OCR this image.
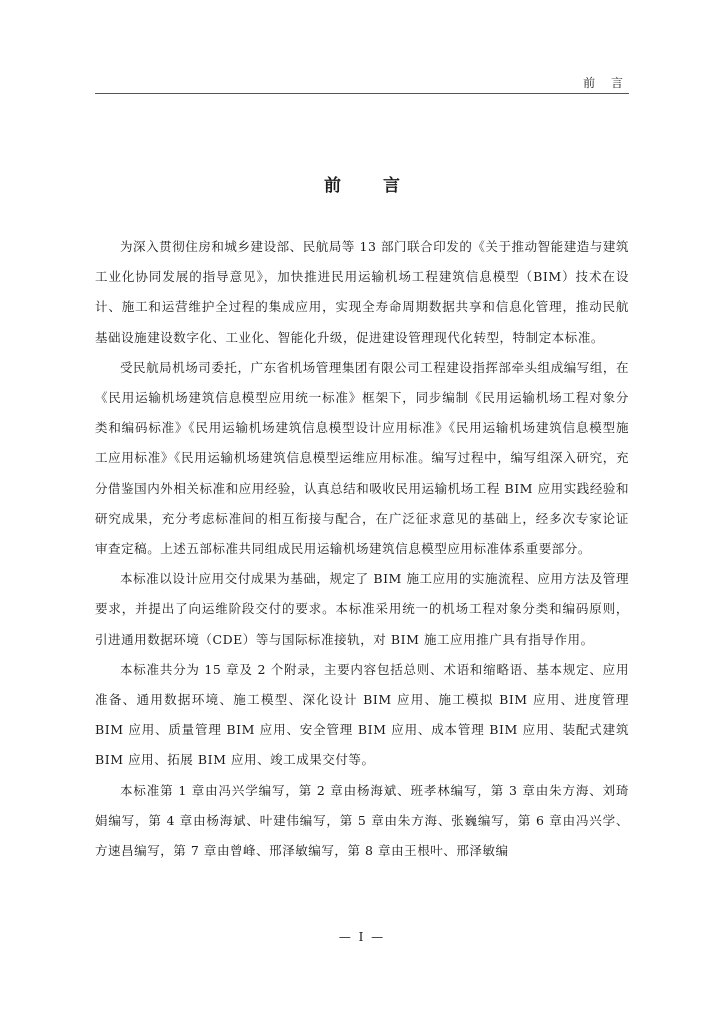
前 言
前 言

为深入贯彻住房和城乡建设部、民航局等 13 部门联合印发的《关于推动智能建造与建筑工业化协同发展的指导意见》，加快推进民用运输机场工程建筑信息模型（BIM）技术在设计、施工和运营维护全过程的集成应用，实现全寿命周期数据共享和信息化管理，推动民航基础设施建设数字化、工业化、智能化升级，促进建设管理现代化转型，特制定本标准。

受民航局机场司委托，广东省机场管理集团有限公司工程建设指挥部牵头组成编写组，在《民用运输机场建筑信息模型应用统一标准》框架下，同步编制《民用运输机场工程对象分类和编码标准》《民用运输机场建筑信息模型设计应用标准》《民用运输机场建筑信息模型施工应用标准》《民用运输机场建筑信息模型运维应用标准。编写过程中，编写组深入研究，充分借鉴国内外相关标准和应用经验，认真总结和吸收民用运输机场工程 BIM 应用实践经验和研究成果，充分考虑标准间的相互衔接与配合，在广泛征求意见的基础上，经多次专家论证审查定稿。上述五部标准共同组成民用运输机场建筑信息模型应用标准体系重要部分。

本标准以设计应用交付成果为基础，规定了 BIM 施工应用的实施流程、应用方法及管理要求，并提出了向运维阶段交付的要求。本标准采用统一的机场工程对象分类和编码原则，引进通用数据环境（CDE）等与国际标准接轨，对 BIM 施工应用推广具有指导作用。

本标准共分为 15 章及 2 个附录，主要内容包括总则、术语和缩略语、基本规定、应用准备、通用数据环境、施工模型、深化设计 BIM 应用、施工模拟 BIM 应用、进度管理 BIM 应用、质量管理 BIM 应用、安全管理 BIM 应用、成本管理 BIM 应用、装配式建筑 BIM 应用、拓展 BIM 应用、竣工成果交付等。

本标准第 1 章由冯兴学编写，第 2 章由杨海斌、班孝林编写，第 3 章由朱方海、刘琦娟编写，第 4 章由杨海斌、叶建伟编写，第 5 章由朱方海、张巍编写，第 6 章由冯兴学、方速昌编写，第 7 章由曾峰、邢泽敏编写，第 8 章由王根叶、邢泽敏编

— I —
